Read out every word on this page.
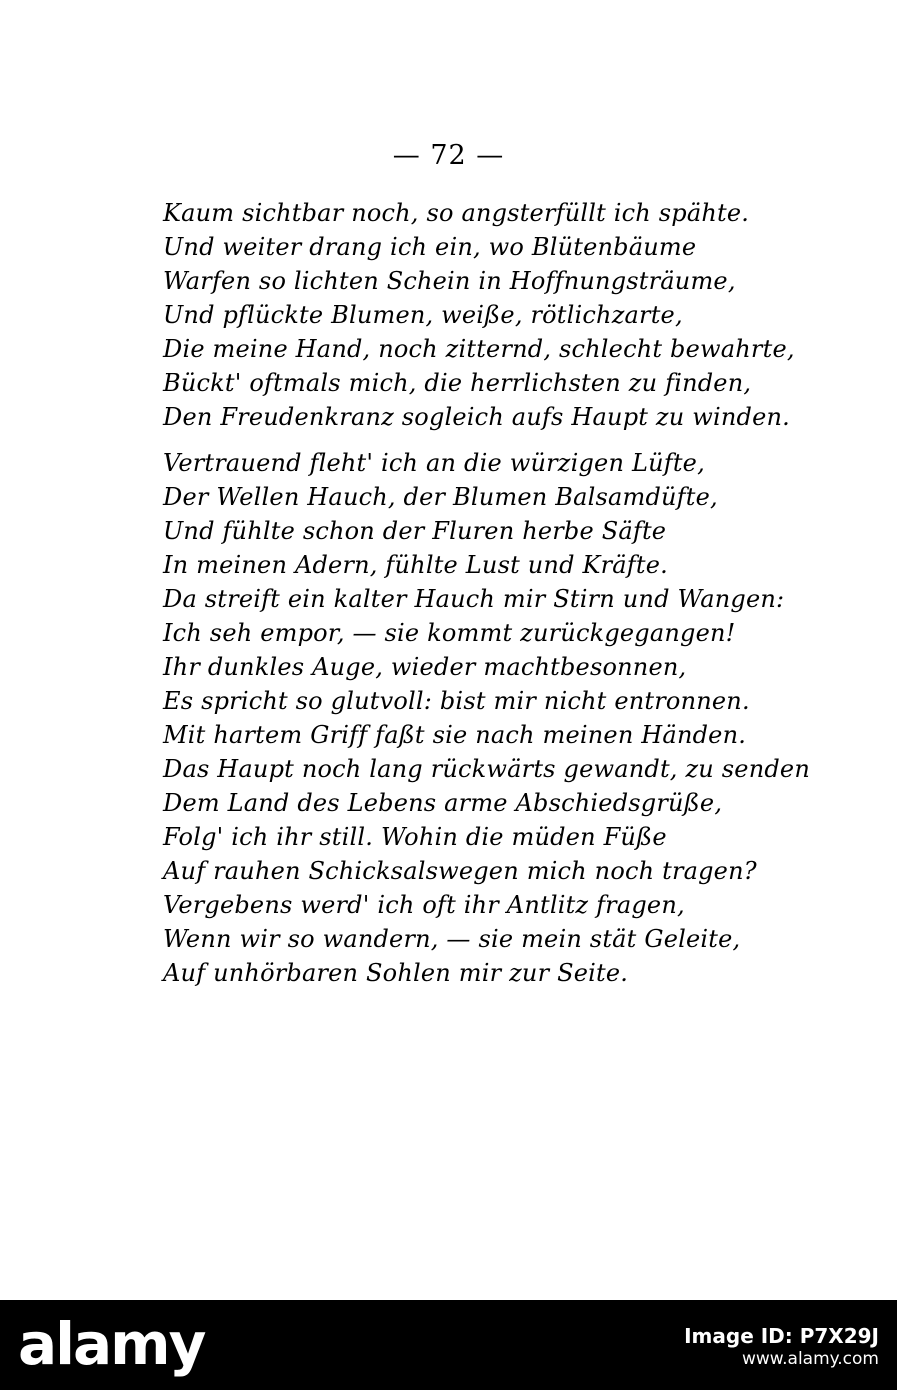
— 72 —
Kaum sichtbar noch, so angsterfüllt ich spähte.
Und weiter drang ich ein, wo Blütenbäume
Warfen so lichten Schein in Hoffnungsträume,
Und pflückte Blumen, weiße, rötlichzarte,
Die meine Hand, noch zitternd, schlecht bewahrte,
Bückt' oftmals mich, die herrlichsten zu finden,
Den Freudenkranz sogleich aufs Haupt zu winden.
Vertrauend fleht' ich an die würzigen Lüfte,
Der Wellen Hauch, der Blumen Balsamdüfte,
Und fühlte schon der Fluren herbe Säfte
In meinen Adern, fühlte Lust und Kräfte.
Da streift ein kalter Hauch mir Stirn und Wangen:
Ich seh empor, — sie kommt zurückgegangen!
Ihr dunkles Auge, wieder machtbesonnen,
Es spricht so glutvoll: bist mir nicht entronnen.
Mit hartem Griff faßt sie nach meinen Händen.
Das Haupt noch lang rückwärts gewandt, zu senden
Dem Land des Lebens arme Abschiedsgrüße,
Folg' ich ihr still. Wohin die müden Füße
Auf rauhen Schicksalswegen mich noch tragen?
Vergebens werd' ich oft ihr Antlitz fragen,
Wenn wir so wandern, — sie mein stät Geleite,
Auf unhörbaren Sohlen mir zur Seite.
alamy	Image ID: P7X29J
www.alamy.com
